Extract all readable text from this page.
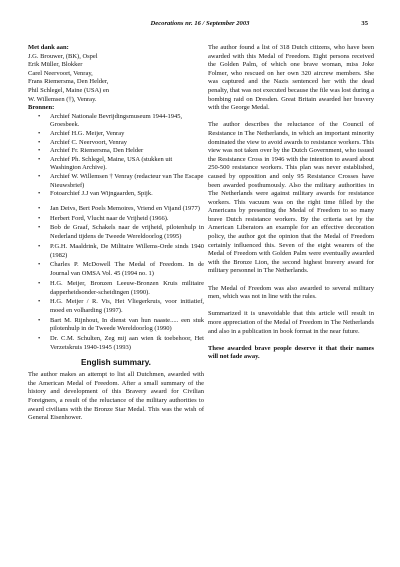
Decorations nr. 16 / September 2003	35

Met dank aan:

J.G. Brouwer, (BK), Ospel

Erik Müller, Blokker

Carel Neervoort, Venray,

Frans Riemersma, Den Helder,

Phil Schlegel, Maine (USA) en

W. Willemsen (†), Venray.

Bronnen:

• Archief Nationale Bevrijdingsmuseum 1944-1945, Groesbeek.
• Archief H.G. Meijer, Venray
• Archief C. Neervoort, Venray
• Archief Fr. Riemersma, Den Helder
• Archief Ph. Schlegel, Maine, USA (stukken uit Washington Archive).
• Archief W. Willemsen † Venray (redacteur van The Escape Nieuwsbrief)
• Fotoarchief J.J van Wijngaarden, Spijk.
• Jan Deivs, Bert Poels Memoires, Vriend en Vijand (1977)
• Herbert Ford, Vlucht naar de Vrijheid (1966).
• Bob de Graaf, Schakels naar de vrijheid, pilotenhulp in Nederland tijdens de Tweede Wereldoorlog (1995)
• P.G.H. Maaldrink, De Militaire Willems-Orde sinds 1940 (1982)
• Charles P. McDowell The Medal of Freedom. In de Journal van OMSA Vol. 45 (1994 no. 1)
• H.G. Meijer, Bronzen Leeuw-Bronzen Kruis militaire dapperheidsonder-scheidingen (1990).
• H.G. Meijer / R. Vis, Het Vliegerkruis, voor initiatief, moed en volharding (1997).
• Bart M. Rijnhout, In dienst van hun naaste..... een stuk pilotenhulp in de Tweede Wereldoorlog (1990)
• Dr. C.M. Schulten, Zeg mij aan wien ik toebehoor, Het Verzetskruis 1940-1945 (1993)
English summary.

The author makes an attempt to list all Dutchmen, awarded with the American Medal of Freedom. After a small summary of the history and development of this Bravery award for Civilian Foreigners, a result of the reluctance of the military authorities to award civilians with the Bronze Star Medal. This was the wish of General Eisenhower.

The author found a list of 318 Dutch citizens, who have been awarded with this Medal of Freedom. Eight persons received the Golden Palm, of which one brave woman, miss Joke Folmer, who rescued on her own 320 aircrew members. She was captured and the Nazis sentenced her with the dead penalty, that was not executed because the file was lost during a bombing raid on Dresden. Great Britain awarded her bravery with the George Medal.

The author describes the reluctance of the Council of Resistance in The Netherlands, in which an important minority dominated the view to avoid awards to resistance workers. This view was not taken over by the Dutch Government, who issued the Resistance Cross in 1946 with the intention to award about 250-500 resistance workers. This plan was never established, caused by opposition and only 95 Resistance Crosses have been awarded posthumously. Also the military authorities in The Netherlands were against military awards for resistance workers. This vacuum was on the right time filled by the Americans by presenting the Medal of Freedom to so many brave Dutch resistance workers. By the criteria set by the American Liberators an example for an effective decoration policy, the author got the opinion that the Medal of Freedom certainly influenced this. Seven of the eight wearers of the Medal of Freedom with Golden Palm were eventually awarded with the Bronze Lion, the second highest bravery award for military personnel in The Netherlands.

The Medal of Freedom was also awarded to several military men, which was not in line with the rules.

Summarized it is unavoidable that this article will result in more appreciation of the Medal of Freedom in The Netherlands and also in a publication in book format in the near future.

These awarded brave people deserve it that their names will not fade away.
